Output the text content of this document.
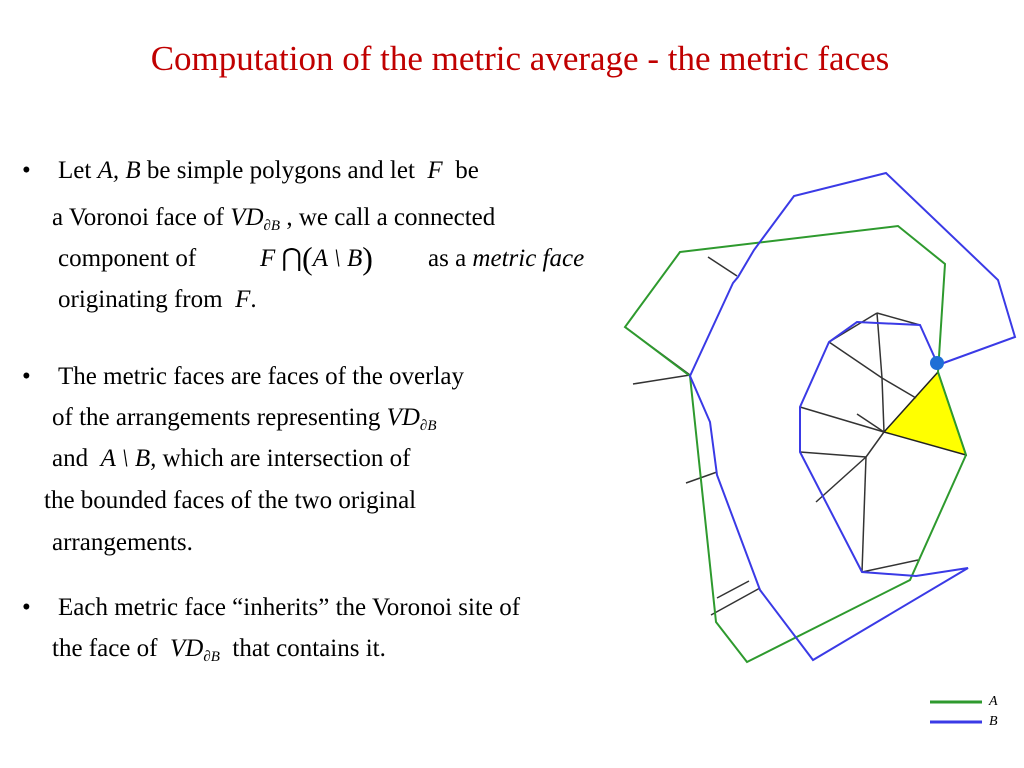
Computation of the metric average - the metric faces
• Let A, B be simple polygons and let F be
a Voronoi face of $VD_{\partial B}$ , we call a connected
component of	F ⋂(A \ B) as a metric face
originating from F.
• The metric faces are faces of the overlay
of the arrangements representing $VD_{\partial B}$
and A \ B, which are intersection of
the bounded faces of the two original
arrangements.
• Each metric face “inherits” the Voronoi site of
the face of $VD_{\partial B}$ that contains it.
A
B
